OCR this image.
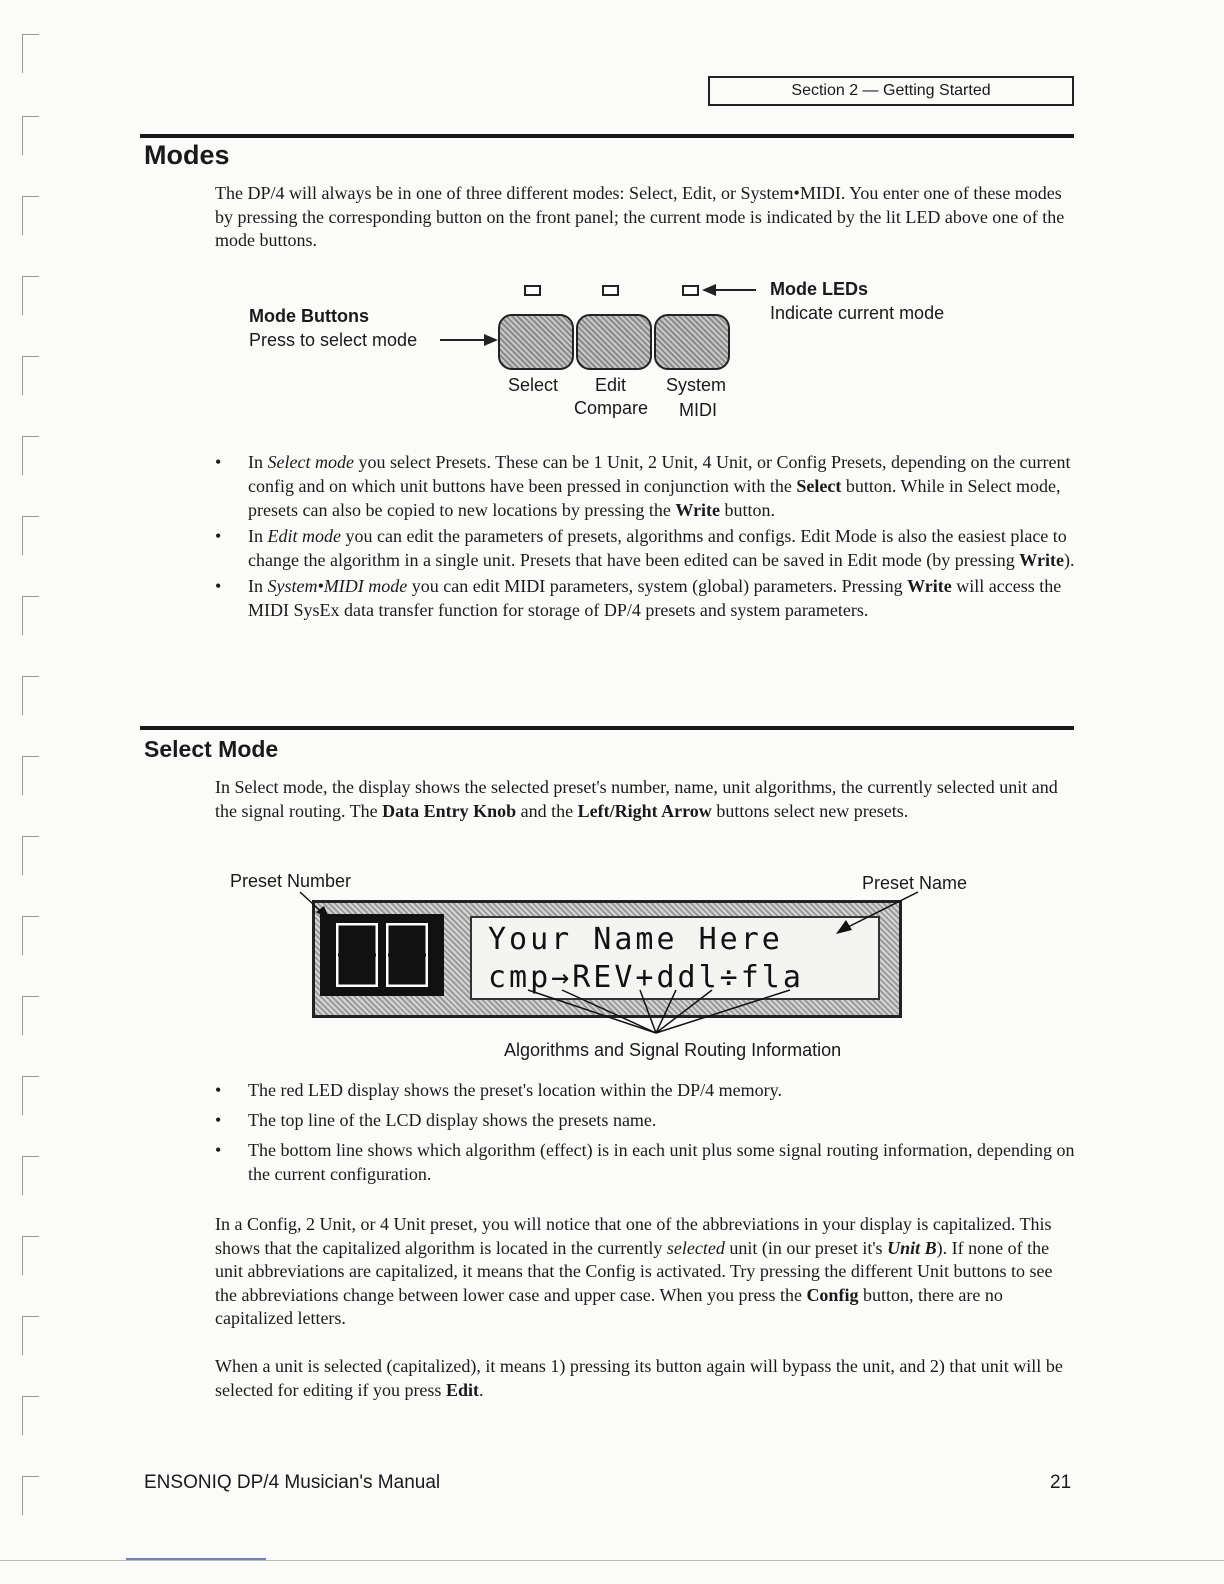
Section 2 — Getting Started
Modes
The DP/4 will always be in one of three different modes: Select, Edit, or System•MIDI. You enter one of these modes by pressing the corresponding button on the front panel; the current mode is indicated by the lit LED above one of the mode buttons.
Mode LEDs
Indicate current mode
Mode Buttons
Press to select mode
Select Edit
Compare
System
MIDI
• In Select mode you select Presets. These can be 1 Unit, 2 Unit, 4 Unit, or Config Presets, depending on the current config and on which unit buttons have been pressed in conjunction with the Select button. While in Select mode, presets can also be copied to new locations by pressing the Write button.
• In Edit mode you can edit the parameters of presets, algorithms and configs. Edit Mode is also the easiest place to change the algorithm in a single unit. Presets that have been edited can be saved in Edit mode (by pressing Write).
• In System•MIDI mode you can edit MIDI parameters, system (global) parameters. Pressing Write will access the MIDI SysEx data transfer function for storage of DP/4 presets and system parameters.
Select Mode
In Select mode, the display shows the selected preset's number, name, unit algorithms, the currently selected unit and the signal routing. The Data Entry Knob and the Left/Right Arrow buttons select new presets.
Preset Number	Preset Name
Your Name Here
cmp→REV+ddl÷fla
Algorithms and Signal Routing Information
• The red LED display shows the preset's location within the DP/4 memory.
• The top line of the LCD display shows the presets name.
• The bottom line shows which algorithm (effect) is in each unit plus some signal routing information, depending on the current configuration.
In a Config, 2 Unit, or 4 Unit preset, you will notice that one of the abbreviations in your display is capitalized. This shows that the capitalized algorithm is located in the currently selected unit (in our preset it's Unit B). If none of the unit abbreviations are capitalized, it means that the Config is activated. Try pressing the different Unit buttons to see the abbreviations change between lower case and upper case. When you press the Config button, there are no capitalized letters.
When a unit is selected (capitalized), it means 1) pressing its button again will bypass the unit, and 2) that unit will be selected for editing if you press Edit.
ENSONIQ DP/4 Musician's Manual	21
